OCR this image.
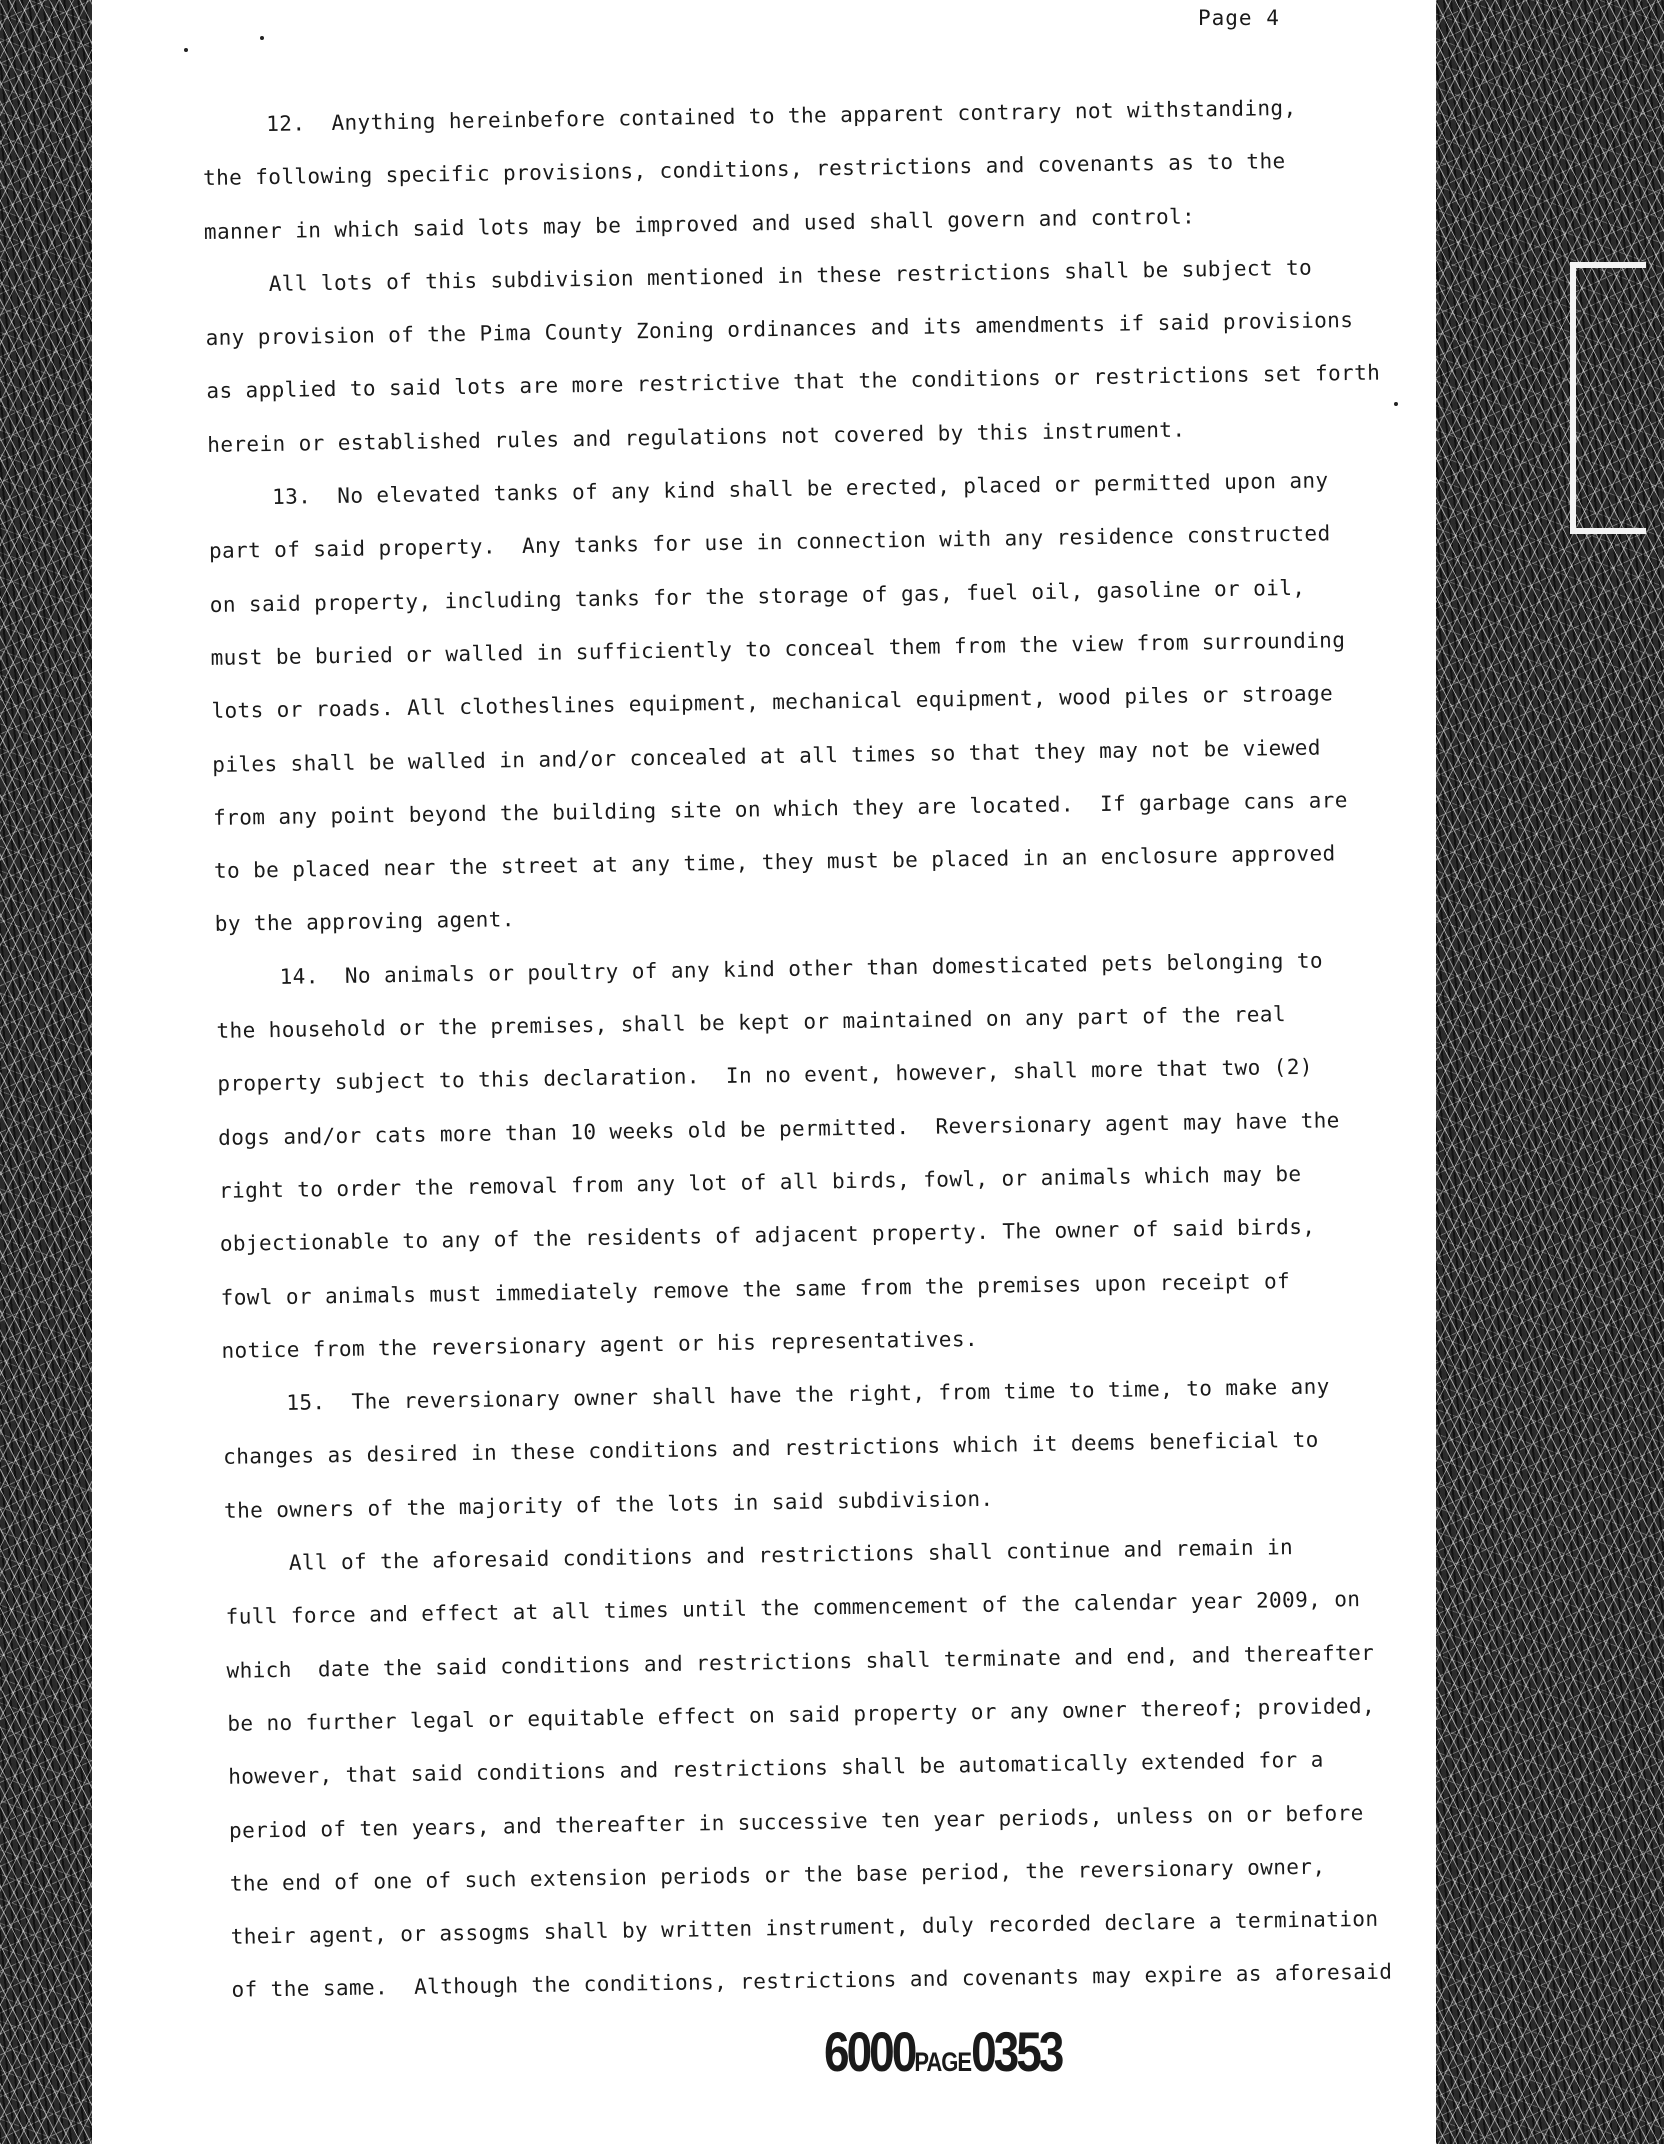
Page 4
12.  Anything hereinbefore contained to the apparent contrary not withstanding,
the following specific provisions, conditions, restrictions and covenants as to the
manner in which said lots may be improved and used shall govern and control:
All lots of this subdivision mentioned in these restrictions shall be subject to
any provision of the Pima County Zoning ordinances and its amendments if said provisions
as applied to said lots are more restrictive that the conditions or restrictions set forth
herein or established rules and regulations not covered by this instrument.
13.  No elevated tanks of any kind shall be erected, placed or permitted upon any
part of said property.  Any tanks for use in connection with any residence constructed
on said property, including tanks for the storage of gas, fuel oil, gasoline or oil,
must be buried or walled in sufficiently to conceal them from the view from surrounding
lots or roads. All clotheslines equipment, mechanical equipment, wood piles or stroage
piles shall be walled in and/or concealed at all times so that they may not be viewed
from any point beyond the building site on which they are located.  If garbage cans are
to be placed near the street at any time, they must be placed in an enclosure approved
by the approving agent.
14.  No animals or poultry of any kind other than domesticated pets belonging to
the household or the premises, shall be kept or maintained on any part of the real
property subject to this declaration.  In no event, however, shall more that two (2)
dogs and/or cats more than 10 weeks old be permitted.  Reversionary agent may have the
right to order the removal from any lot of all birds, fowl, or animals which may be
objectionable to any of the residents of adjacent property. The owner of said birds,
fowl or animals must immediately remove the same from the premises upon receipt of
notice from the reversionary agent or his representatives.
15.  The reversionary owner shall have the right, from time to time, to make any
changes as desired in these conditions and restrictions which it deems beneficial to
the owners of the majority of the lots in said subdivision.
All of the aforesaid conditions and restrictions shall continue and remain in
full force and effect at all times until the commencement of the calendar year 2009, on
which  date the said conditions and restrictions shall terminate and end, and thereafter
be no further legal or equitable effect on said property or any owner thereof; provided,
however, that said conditions and restrictions shall be automatically extended for a
period of ten years, and thereafter in successive ten year periods, unless on or before
the end of one of such extension periods or the base period, the reversionary owner,
their agent, or assogms shall by written instrument, duly recorded declare a termination
of the same.  Although the conditions, restrictions and covenants may expire as aforesaid
6000PAGE0353
